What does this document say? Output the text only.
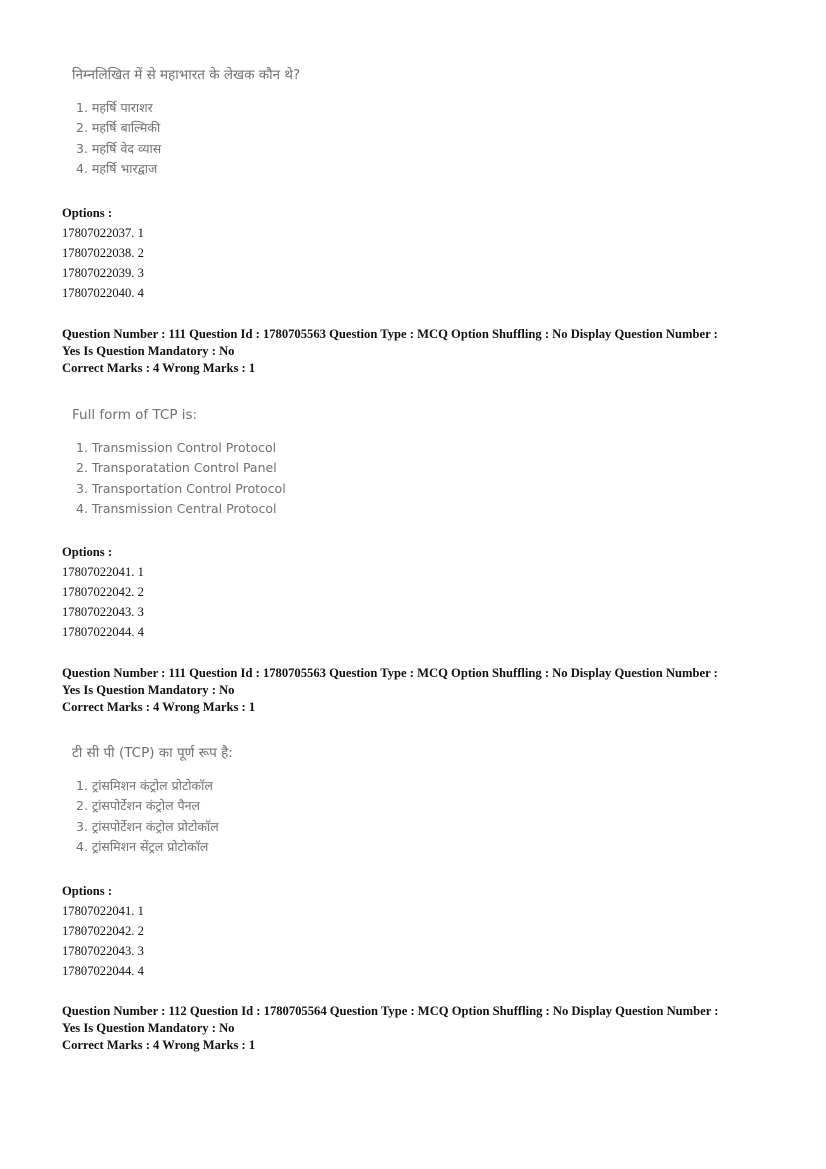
निम्नलिखित में से महाभारत के लेखक कौन थे?
1. महर्षि पाराशर
2. महर्षि बाल्मिकी
3. महर्षि वेद व्यास
4. महर्षि भारद्वाज
Options :
17807022037. 1
17807022038. 2
17807022039. 3
17807022040. 4
Question Number : 111 Question Id : 1780705563 Question Type : MCQ Option Shuffling : No Display Question Number :
Yes Is Question Mandatory : No
Correct Marks : 4 Wrong Marks : 1
Full form of TCP is:
1. Transmission Control Protocol
2. Transporatation Control Panel
3. Transportation Control Protocol
4. Transmission Central Protocol
Options :
17807022041. 1
17807022042. 2
17807022043. 3
17807022044. 4
Question Number : 111 Question Id : 1780705563 Question Type : MCQ Option Shuffling : No Display Question Number :
Yes Is Question Mandatory : No
Correct Marks : 4 Wrong Marks : 1
टी सी पी (TCP) का पूर्ण रूप है:
1. ट्रांसमिशन कंट्रोल प्रोटोकॉल
2. ट्रांसपोर्टेशन कंट्रोल पैनल
3. ट्रांसपोर्टेशन कंट्रोल प्रोटोकॉल
4. ट्रांसमिशन सेंट्रल प्रोटोकॉल
Options :
17807022041. 1
17807022042. 2
17807022043. 3
17807022044. 4
Question Number : 112 Question Id : 1780705564 Question Type : MCQ Option Shuffling : No Display Question Number :
Yes Is Question Mandatory : No
Correct Marks : 4 Wrong Marks : 1
